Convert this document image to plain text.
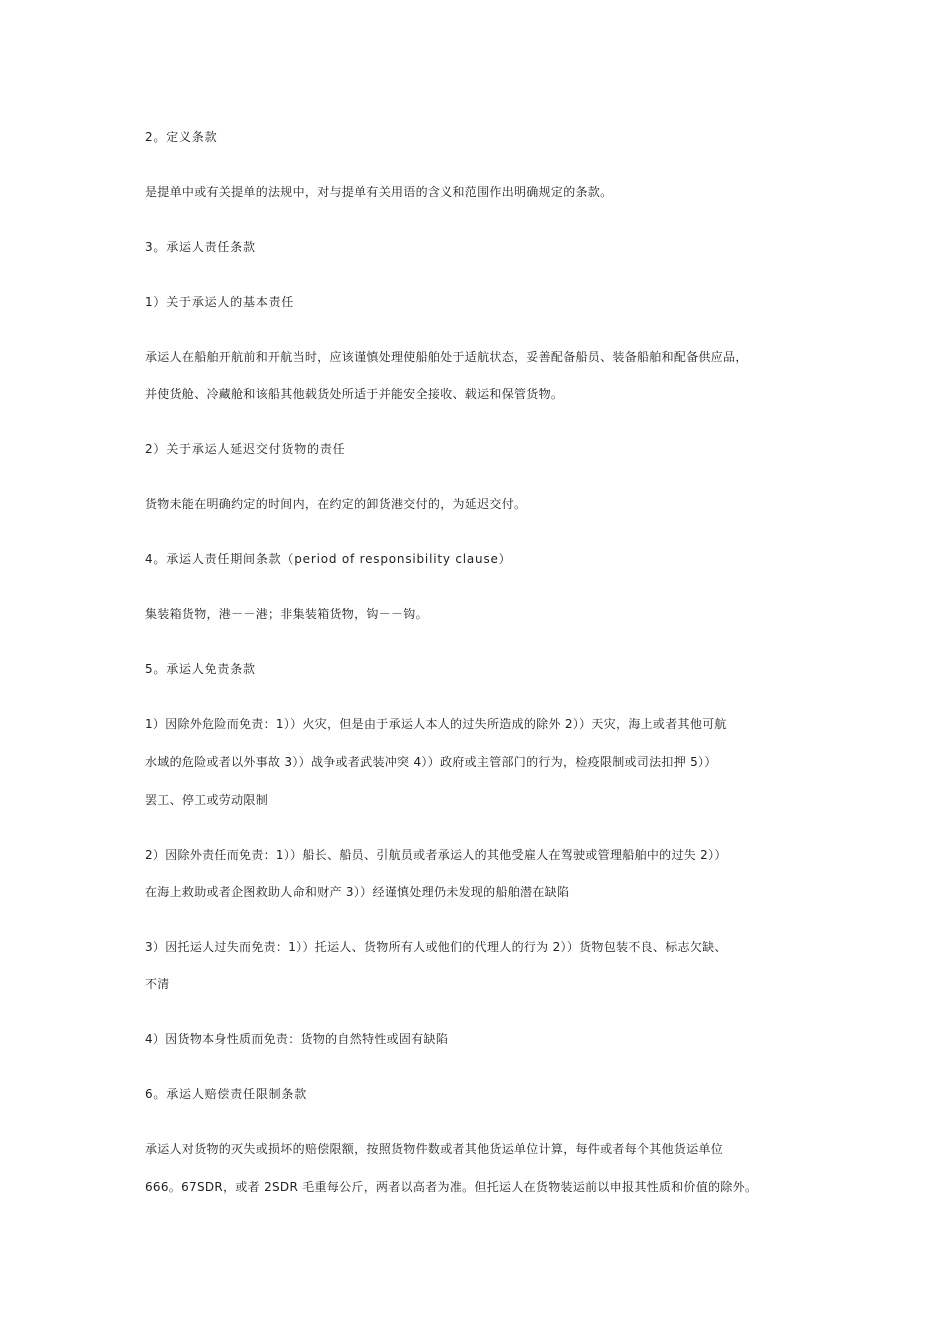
2。定义条款
是提单中或有关提单的法规中，对与提单有关用语的含义和范围作出明确规定的条款。
3。承运人责任条款
1）关于承运人的基本责任
承运人在船舶开航前和开航当时，应该谨慎处理使船舶处于适航状态，妥善配备船员、装备船舶和配备供应品，
并使货舱、冷藏舱和该船其他载货处所适于并能安全接收、载运和保管货物。
2）关于承运人延迟交付货物的责任
货物未能在明确约定的时间内，在约定的卸货港交付的，为延迟交付。
4。承运人责任期间条款（period of responsibility clause）
集装箱货物，港－－港；非集装箱货物，钩－－钩。
5。承运人免责条款
1）因除外危险而免责：1））火灾，但是由于承运人本人的过失所造成的除外 2））天灾，海上或者其他可航
水域的危险或者以外事故 3））战争或者武装冲突 4））政府或主管部门的行为，检疫限制或司法扣押 5））
罢工、停工或劳动限制
2）因除外责任而免责：1））船长、船员、引航员或者承运人的其他受雇人在驾驶或管理船舶中的过失 2））
在海上救助或者企图救助人命和财产 3））经谨慎处理仍未发现的船舶潜在缺陷
3）因托运人过失而免责：1））托运人、货物所有人或他们的代理人的行为 2））货物包装不良、标志欠缺、
不清
4）因货物本身性质而免责：货物的自然特性或固有缺陷
6。承运人赔偿责任限制条款
承运人对货物的灭失或损坏的赔偿限额，按照货物件数或者其他货运单位计算，每件或者每个其他货运单位
666。67SDR，或者 2SDR 毛重每公斤，两者以高者为准。但托运人在货物装运前以申报其性质和价值的除外。
